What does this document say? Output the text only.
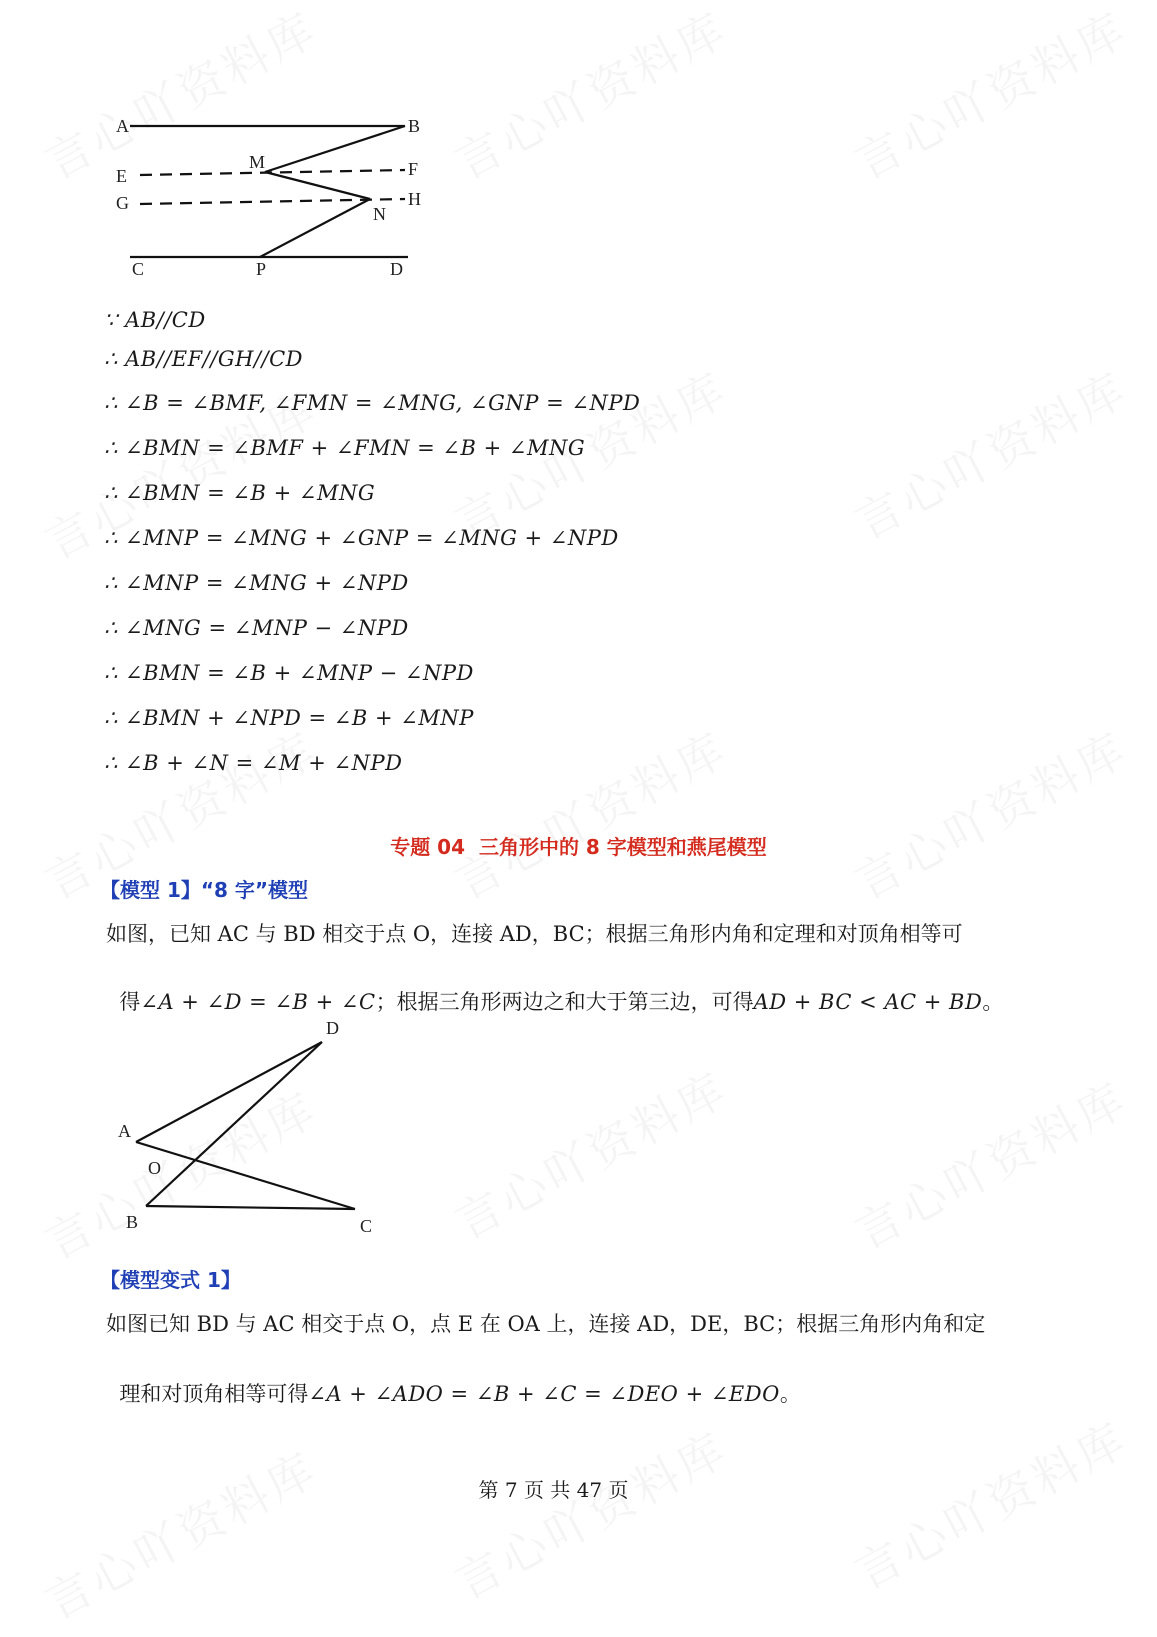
A	B
E
M	F
G
N
H
C	P	D
∵ AB//CD
∴ AB//EF//GH//CD
∴ ∠B = ∠BMF, ∠FMN = ∠MNG, ∠GNP = ∠NPD
∴ ∠BMN = ∠BMF + ∠FMN = ∠B + ∠MNG
∴ ∠BMN = ∠B + ∠MNG
∴ ∠MNP = ∠MNG + ∠GNP = ∠MNG + ∠NPD
∴ ∠MNP = ∠MNG + ∠NPD
∴ ∠MNG = ∠MNP − ∠NPD
∴ ∠BMN = ∠B + ∠MNP − ∠NPD
∴ ∠BMN + ∠NPD = ∠B + ∠MNP
∴ ∠B + ∠N = ∠M + ∠NPD
专题 04  三角形中的 8 字模型和燕尾模型
【模型 1】“8 字”模型
如图，已知 AC 与 BD 相交于点 O，连接 AD，BC；根据三角形内角和定理和对顶角相等可

得∠A + ∠D = ∠B + ∠C；根据三角形两边之和大于第三边，可得AD + BC < AC + BD。

D
A
O
B	C
【模型变式 1】
如图已知 BD 与 AC 相交于点 O，点 E 在 OA 上，连接 AD，DE，BC；根据三角形内角和定

理和对顶角相等可得∠A + ∠ADO = ∠B + ∠C = ∠DEO + ∠EDO。

第 7 页 共 47 页
